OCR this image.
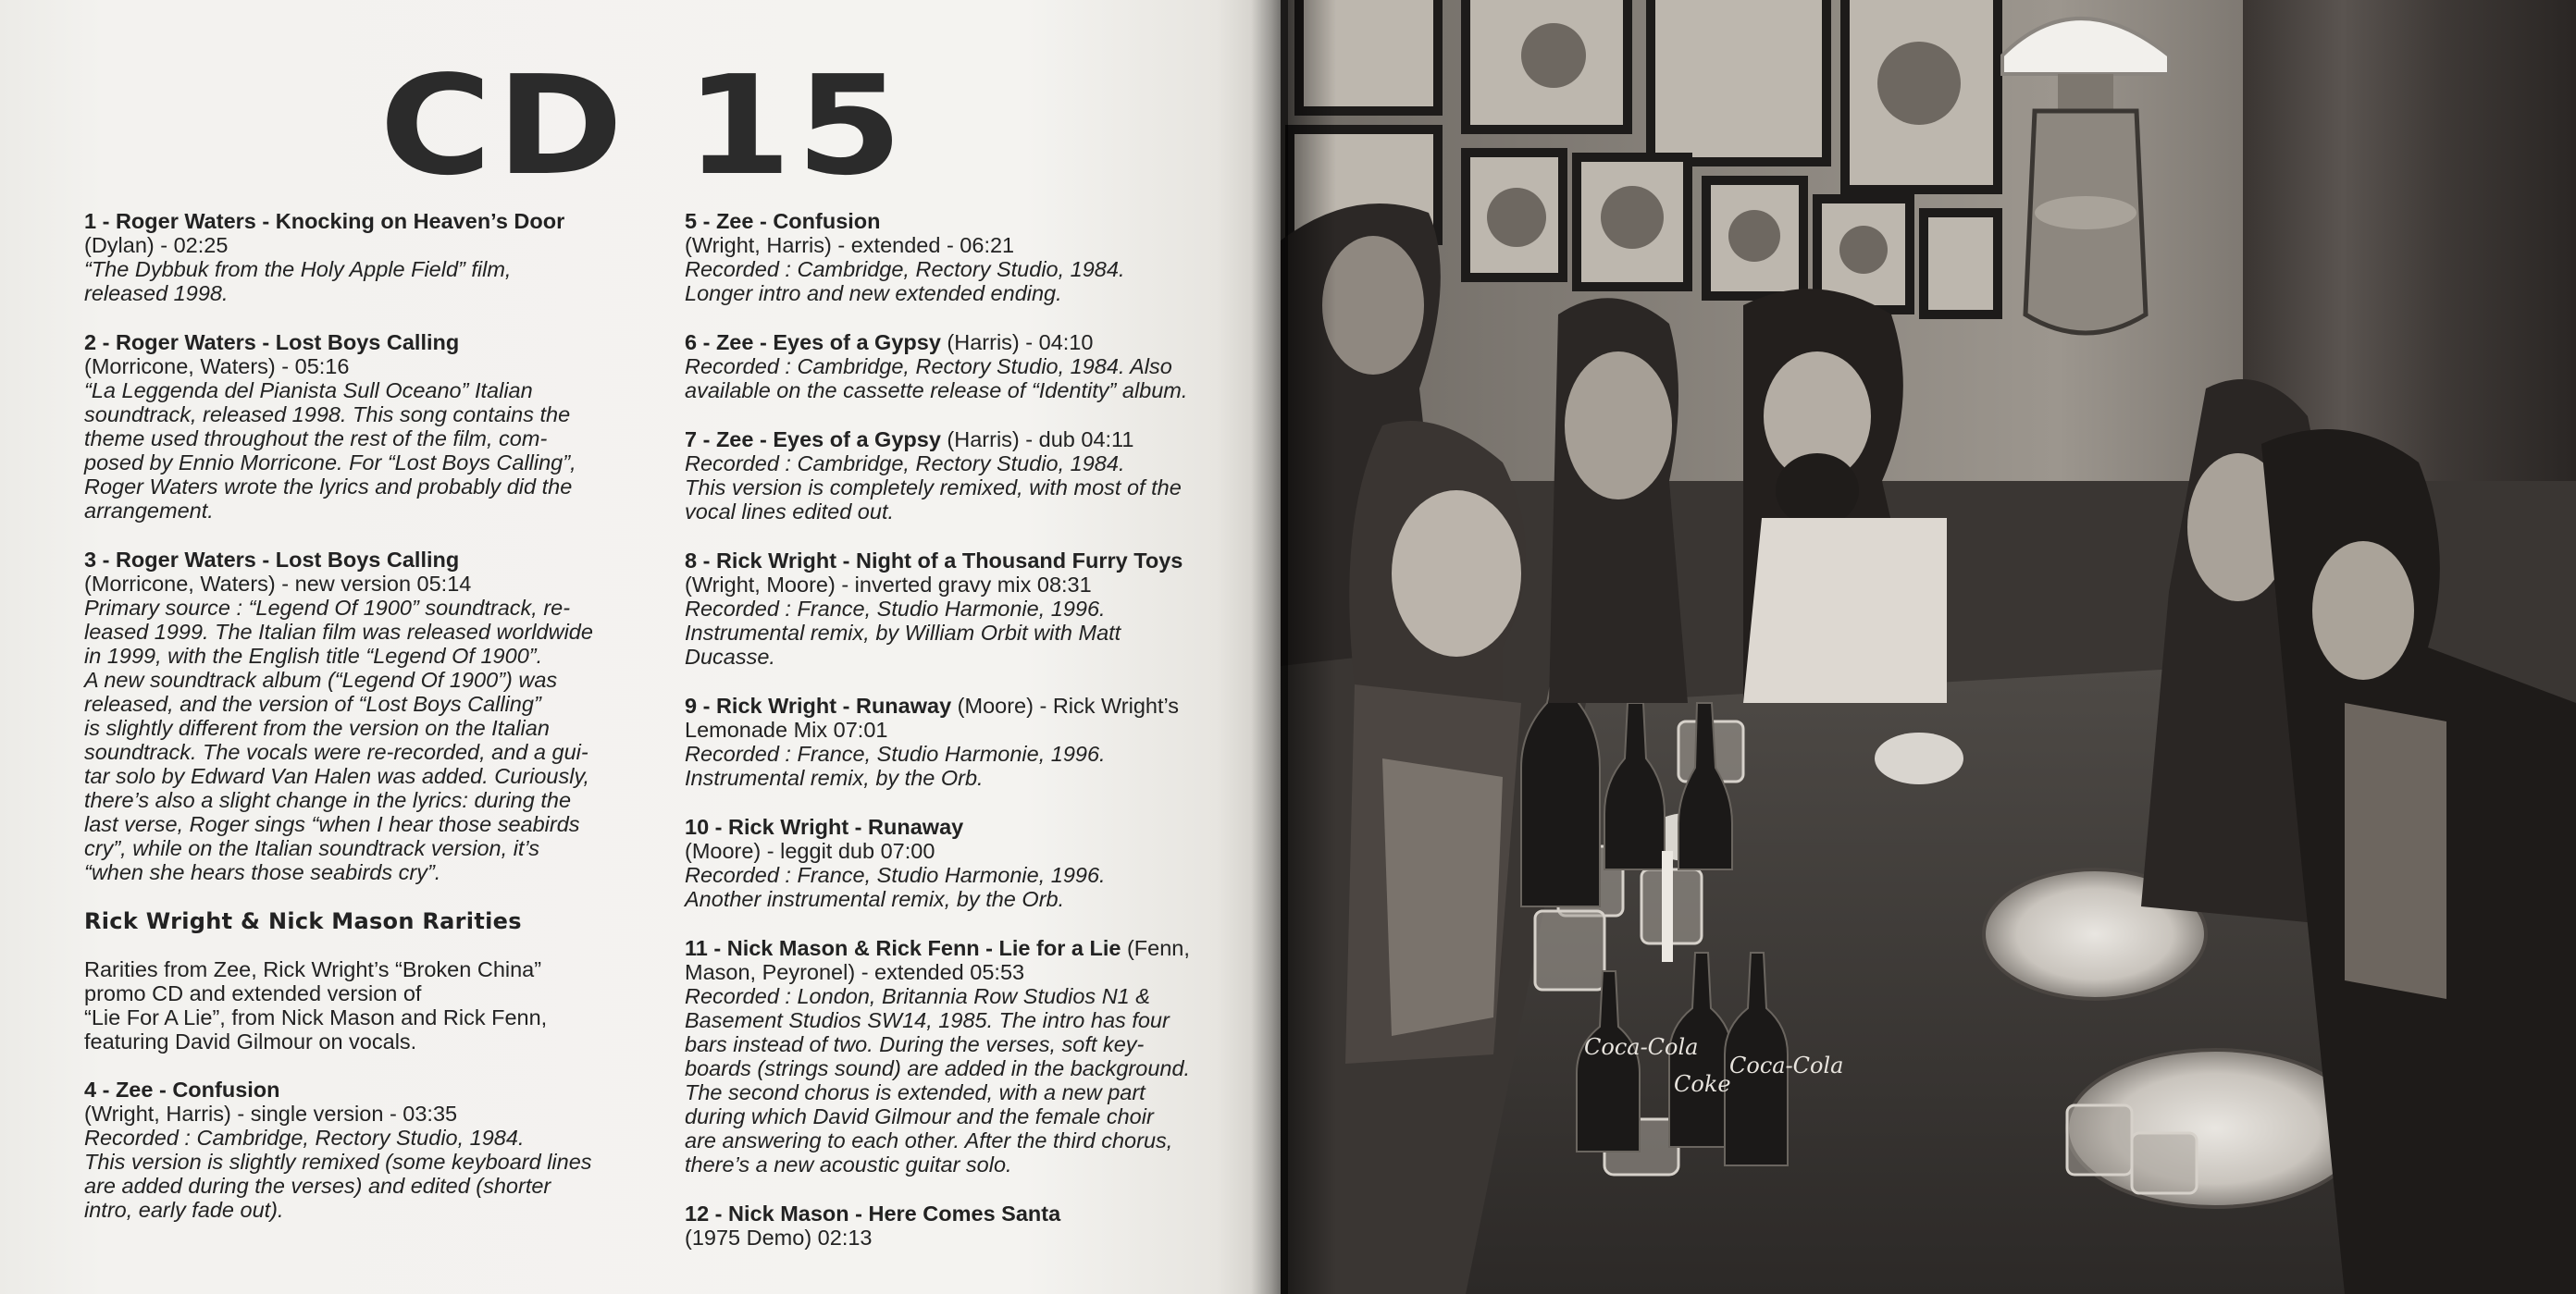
CD 15
1 - Roger Waters - Knocking on Heaven’s Door
(Dylan) - 02:25
“The Dybbuk from the Holy Apple Field” film,
released 1998.
2 - Roger Waters - Lost Boys Calling
(Morricone, Waters) - 05:16
“La Leggenda del Pianista Sull Oceano” Italian
soundtrack, released 1998. This song contains the
theme used throughout the rest of the film, com-
posed by Ennio Morricone. For “Lost Boys Calling”,
Roger Waters wrote the lyrics and probably did the
arrangement.
3 - Roger Waters - Lost Boys Calling
(Morricone, Waters) - new version 05:14
Primary source : “Legend Of 1900” soundtrack, re-
leased 1999. The Italian film was released worldwide
in 1999, with the English title “Legend Of 1900”.
A new soundtrack album (“Legend Of 1900”) was
released, and the version of “Lost Boys Calling”
is slightly different from the version on the Italian
soundtrack. The vocals were re-recorded, and a gui-
tar solo by Edward Van Halen was added. Curiously,
there’s also a slight change in the lyrics: during the
last verse, Roger sings “when I hear those seabirds
cry”, while on the Italian soundtrack version, it’s
“when she hears those seabirds cry”.
Rick Wright & Nick Mason Rarities
Rarities from Zee, Rick Wright’s “Broken China”
promo CD and extended version of
“Lie For A Lie”, from Nick Mason and Rick Fenn,
featuring David Gilmour on vocals.
4 - Zee - Confusion
(Wright, Harris) - single version - 03:35
Recorded : Cambridge, Rectory Studio, 1984.
This version is slightly remixed (some keyboard lines
are added during the verses) and edited (shorter
intro, early fade out).
5 - Zee - Confusion
(Wright, Harris) - extended - 06:21
Recorded : Cambridge, Rectory Studio, 1984.
Longer intro and new extended ending.
6 - Zee - Eyes of a Gypsy (Harris) - 04:10
Recorded : Cambridge, Rectory Studio, 1984. Also
available on the cassette release of “Identity” album.
7 - Zee - Eyes of a Gypsy (Harris) - dub 04:11
Recorded : Cambridge, Rectory Studio, 1984.
This version is completely remixed, with most of the
vocal lines edited out.
8 - Rick Wright - Night of a Thousand Furry Toys
(Wright, Moore) - inverted gravy mix 08:31
Recorded : France, Studio Harmonie, 1996.
Instrumental remix, by William Orbit with Matt
Ducasse.
9 - Rick Wright - Runaway (Moore) - Rick Wright’s
Lemonade Mix 07:01
Recorded : France, Studio Harmonie, 1996.
Instrumental remix, by the Orb.
10 - Rick Wright - Runaway
(Moore) - leggit dub 07:00
Recorded : France, Studio Harmonie, 1996.
Another instrumental remix, by the Orb.
11 - Nick Mason & Rick Fenn - Lie for a Lie (Fenn,
Mason, Peyronel) - extended 05:53
Recorded : London, Britannia Row Studios N1 &
Basement Studios SW14, 1985. The intro has four
bars instead of two. During the verses, soft key-
boards (strings sound) are added in the background.
The second chorus is extended, with a new part
during which David Gilmour and the female choir
are answering to each other. After the third chorus,
there’s a new acoustic guitar solo.
12 - Nick Mason - Here Comes Santa
(1975 Demo) 02:13
Coca-Cola
Coke
Coca-Cola
